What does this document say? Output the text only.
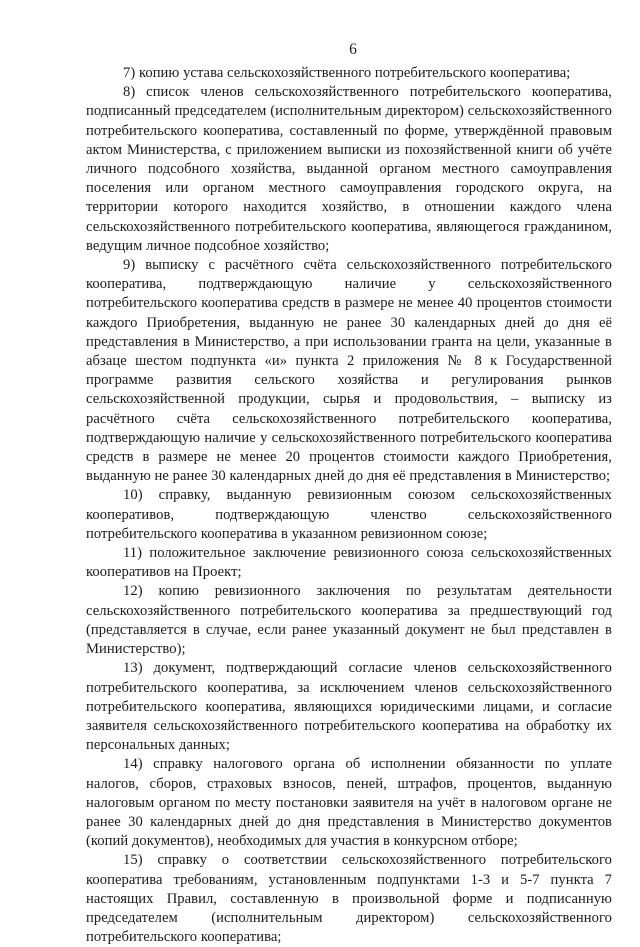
6

7) копию устава сельскохозяйственного потребительского кооператива;

8) список членов сельскохозяйственного потребительского кооператива, подписанный председателем (исполнительным директором) сельскохозяйственного потребительского кооператива, составленный по форме, утверждённой правовым актом Министерства, с приложением выписки из похозяйственной книги об учёте личного подсобного хозяйства, выданной органом местного самоуправления поселения или органом местного самоуправления городского округа, на территории которого находится хозяйство, в отношении каждого члена сельскохозяйственного потребительского кооператива, являющегося гражданином, ведущим личное подсобное хозяйство;

9) выписку с расчётного счёта сельскохозяйственного потребительского кооператива, подтверждающую наличие у сельскохозяйственного потребительского кооператива средств в размере не менее 40 процентов стоимости каждого Приобретения, выданную не ранее 30 календарных дней до дня её представления в Министерство, а при использовании гранта на цели, указанные в абзаце шестом подпункта «и» пункта 2 приложения № 8 к Государственной программе развития сельского хозяйства и регулирования рынков сельскохозяйственной продукции, сырья и продовольствия, – выписку из расчётного счёта сельскохозяйственного потребительского кооператива, подтверждающую наличие у сельскохозяйственного потребительского кооператива средств в размере не менее 20 процентов стоимости каждого Приобретения, выданную не ранее 30 календарных дней до дня её представления в Министерство;

10) справку, выданную ревизионным союзом сельскохозяйственных кооперативов, подтверждающую членство сельскохозяйственного потребительского кооператива в указанном ревизионном союзе;

11) положительное заключение ревизионного союза сельскохозяйственных кооперативов на Проект;

12) копию ревизионного заключения по результатам деятельности сельскохозяйственного потребительского кооператива за предшествующий год (представляется в случае, если ранее указанный документ не был представлен в Министерство);

13) документ, подтверждающий согласие членов сельскохозяйственного потребительского кооператива, за исключением членов сельскохозяйственного потребительского кооператива, являющихся юридическими лицами, и согласие заявителя сельскохозяйственного потребительского кооператива на обработку их персональных данных;

14) справку налогового органа об исполнении обязанности по уплате налогов, сборов, страховых взносов, пеней, штрафов, процентов, выданную налоговым органом по месту постановки заявителя на учёт в налоговом органе не ранее 30 календарных дней до дня представления в Министерство документов (копий документов), необходимых для участия в конкурсном отборе;

15) справку о соответствии сельскохозяйственного потребительского кооператива требованиям, установленным подпунктами 1-3 и 5-7 пункта 7 настоящих Правил, составленную в произвольной форме и подписанную председателем (исполнительным директором) сельскохозяйственного потребительского кооператива;
